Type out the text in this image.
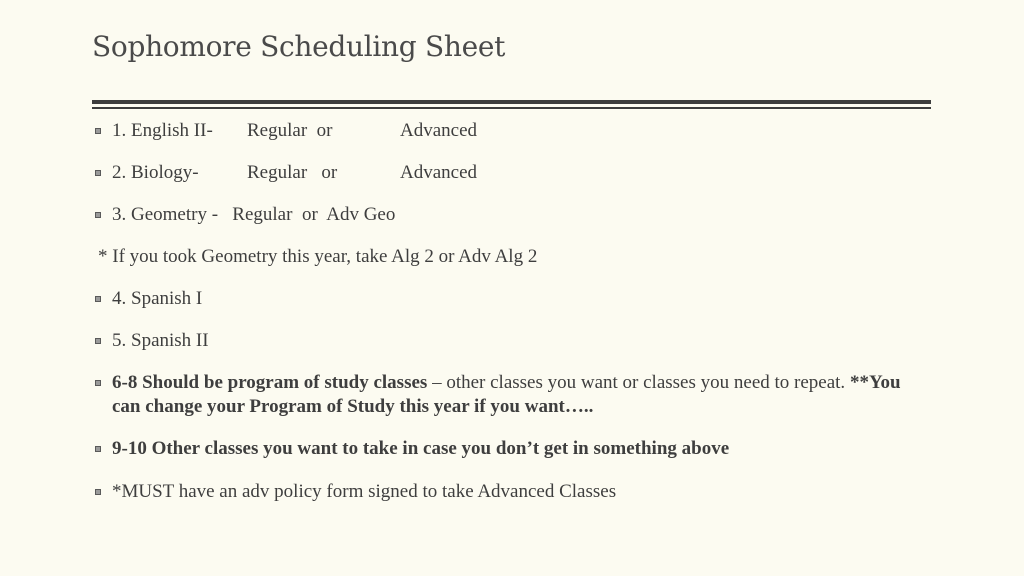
Sophomore Scheduling Sheet
1. English II- Regular  or	Advanced
2. Biology-	Regular   or	Advanced
3. Geometry -   Regular  or  Adv Geo
* If you took Geometry this year, take Alg 2 or Adv Alg 2
4. Spanish I
5. Spanish II
6-8 Should be program of study classes – other classes you want or classes you need to repeat. **You can change your Program of Study this year if you want…..
9-10 Other classes you want to take in case you don’t get in something above
*MUST have an adv policy form signed to take Advanced Classes
